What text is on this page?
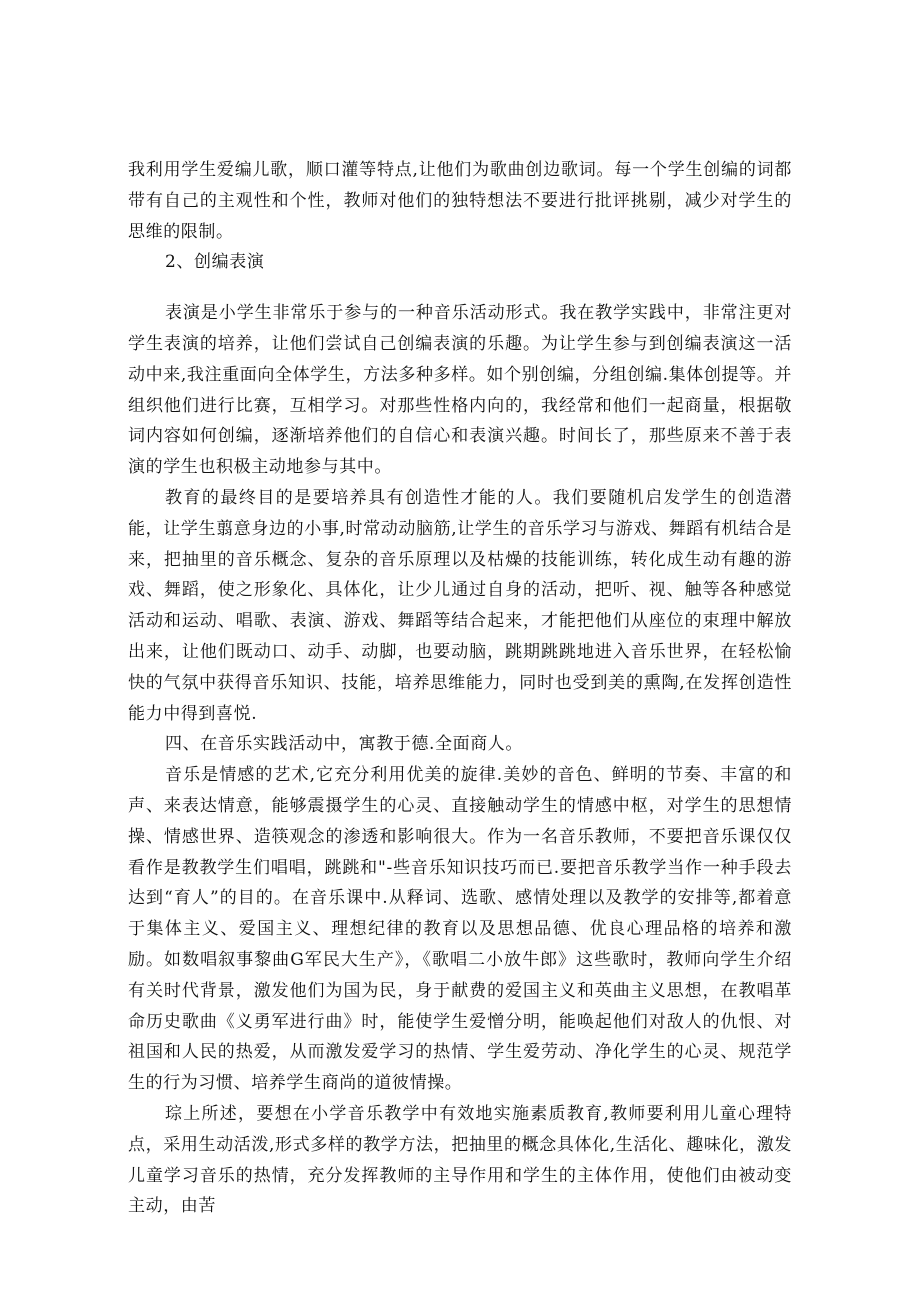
我利用学生爱编儿歌，顺口灌等特点,让他们为歌曲创边歌词。每一个学生创编的词都带有自己的主观性和个性，教师对他们的独特想法不要进行批评挑剔，减少对学生的思维的限制。

2、创编表演

表演是小学生非常乐于参与的一种音乐活动形式。我在教学实践中，非常注更对学生表演的培养，让他们尝试自己创编表演的乐趣。为让学生参与到创编表演这一活动中来,我注重面向全体学生，方法多种多样。如个别创编，分组创编.集体创提等。并组织他们进行比赛，互相学习。对那些性格内向的，我经常和他们一起商量，根据敬词内容如何创编，逐渐培养他们的自信心和表演兴趣。时间长了，那些原来不善于表演的学生也积极主动地参与其中。

教育的最终目的是要培养具有创造性才能的人。我们要随机启发学生的创造潜能，让学生翦意身边的小事,时常动动脑筋,让学生的音乐学习与游戏、舞蹈有机结合是来，把抽里的音乐概念、复杂的音乐原理以及枯燥的技能训练，转化成生动有趣的游戏、舞蹈，使之形象化、具体化，让少儿通过自身的活动，把听、视、触等各种感觉活动和运动、唱歌、表演、游戏、舞蹈等结合起来，才能把他们从座位的束理中解放出来，让他们既动口、动手、动脚，也要动脑，跳期跳跳地进入音乐世界，在轻松愉快的气氛中获得音乐知识、技能，培养思维能力，同时也受到美的熏陶,在发挥创造性能力中得到喜悦.

四、在音乐实践活动中，寓教于德.全面商人。

音乐是情感的艺术,它充分利用优美的旋律.美妙的音色、鲜明的节奏、丰富的和声、来表达情意，能够震摄学生的心灵、直接触动学生的情感中枢，对学生的思想情操、情感世界、造筷观念的渗透和影响很大。作为一名音乐教师，不要把音乐课仅仅看作是教教学生们唱唱，跳跳和"-些音乐知识技巧而已.要把音乐教学当作一种手段去达到“育人”的目的。在音乐课中.从释词、选歌、感情处理以及教学的安排等,都着意于集体主义、爱国主义、理想纪律的教育以及思想品德、优良心理品格的培养和激励。如数唱叙事黎曲G军民大生产》，《歌唱二小放牛郎》这些歌时，教师向学生介绍有关时代背景，激发他们为国为民，身于献费的爱国主义和英曲主义思想，在教唱革命历史歌曲《义勇军进行曲》时，能使学生爱憎分明，能唤起他们对敌人的仇恨、对祖国和人民的热爱，从而激发爱学习的热情、学生爱劳动、净化学生的心灵、规范学生的行为习惯、培养学生商尚的道彼情操。

琮上所述，要想在小学音乐教学中有效地实施素质教育,教师要利用儿童心理特点，采用生动活泼,形式多样的教学方法，把抽里的概念具体化,生活化、趣味化，激发儿童学习音乐的热情，充分发挥教师的主导作用和学生的主体作用，使他们由被动变主动，由苦
